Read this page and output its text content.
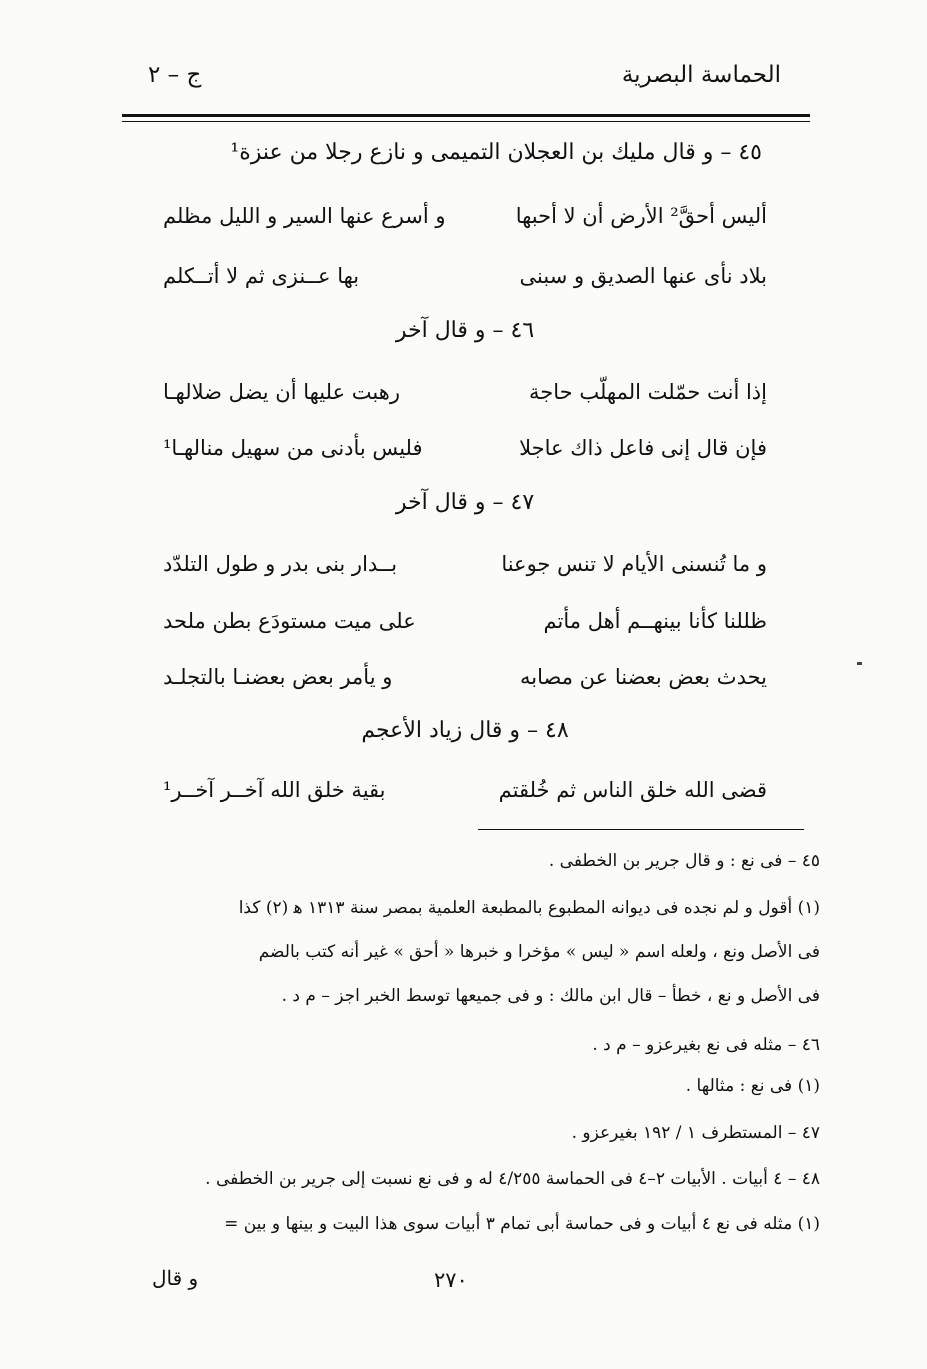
الحماسة البصرية
ج – ٢
٤٥ – و قال مليك بن العجلان التميمى و نازع رجلا من عنزة¹
أليس أحقَّ² الأرض أن لا أحبها
و أسرع عنها السير و الليل مظلم
بلاد نأى عنها الصديق و سبنى
بها عــنزى ثم لا أتــكلم
٤٦ – و قال آخر
إذا أنت حمّلت المهلّب حاجة
رهبت عليها أن يضل ضلالهـا
فإن قال إنى فاعل ذاك عاجلا
فليس بأدنى من سهيل منالهـا¹
٤٧ – و قال آخر
و ما تُنسنى الأيام لا تنس جوعنا
بــدار بنى بدر و طول التلدّد
ظللنا كأنا بينهــم أهل مأتم
على ميت مستودَع بطن ملحد
يحدث بعض بعضنا عن مصابه
و يأمر بعض بعضنـا بالتجلـد
٤٨ – و قال زياد الأعجم
قضى الله خلق الناس ثم خُلقتم
بقية خلق الله آخــر آخــر¹
٤٥ – فى نع : و قال جرير بن الخطفى .
(١) أقول و لم نجده فى ديوانه المطبوع بالمطبعة العلمية بمصر سنة ١٣١٣ ﻫ (٢) كذا
فى الأصل ونع ، ولعله اسم « ليس » مؤخرا و خبرها « أحق » غير أنه كتب بالضم
فى الأصل و نع ، خطأ – قال ابن مالك : و فى جميعها توسط الخبر اجز – م د .
٤٦ – مثله فى نع بغيرعزو – م د .
(١) فى نع : مثالها .
٤٧ – المستطرف ١ / ١٩٢ بغيرعزو .
٤٨ – ٤ أبيات . الأبيات ٢–٤ فى الحماسة ٤/٢٥٥ له و فى نع نسبت إلى جرير بن الخطفى .
(١) مثله فى نع ٤ أبيات و فى حماسة أبى تمام ٣ أبيات سوى هذا البيت و بينها و بين =
٢٧٠
و قال
